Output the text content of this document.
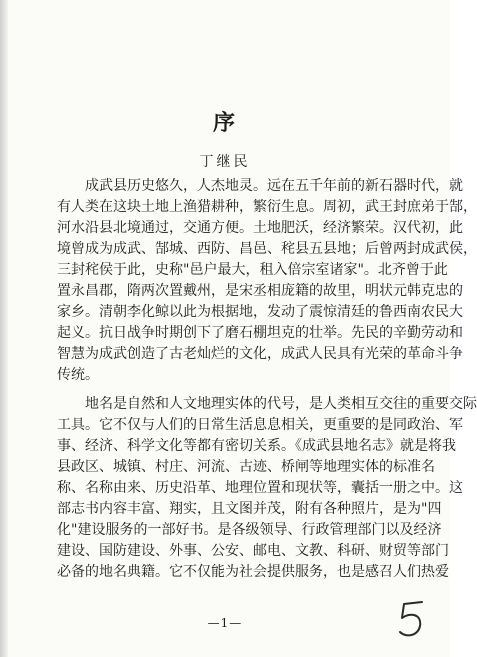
序
丁继民
　　成武县历史悠久，人杰地灵。远在五千年前的新石器时代，就
有人类在这块土地上渔猎耕种，繁衍生息。周初，武王封庶弟于郜，
河水沿县北境通过，交通方便。土地肥沃，经济繁荣。汉代初，此
境曾成为成武、郜城、西防、昌邑、秺县五县地；后曾两封成武侯，
三封秺侯于此，史称"邑户最大，租入倍宗室诸家"。北齐曾于此
置永昌郡，隋两次置戴州，是宋丞相庞籍的故里，明状元韩克忠的
家乡。清朝李化鲸以此为根据地，发动了震惊清廷的鲁西南农民大
起义。抗日战争时期创下了磨石棚坦克的壮举。先民的辛勤劳动和
智慧为成武创造了古老灿烂的文化，成武人民具有光荣的革命斗争
传统。
　　地名是自然和人文地理实体的代号，是人类相互交往的重要交际
工具。它不仅与人们的日常生活息息相关，更重要的是同政治、军
事、经济、科学文化等都有密切关系。《成武县地名志》就是将我
县政区、城镇、村庄、河流、古迹、桥闸等地理实体的标准名
称、名称由来、历史沿革、地理位置和现状等，囊括一册之中。这
部志书内容丰富、翔实，且文图并茂，附有各种照片，是为"四
化"建设服务的一部好书。是各级领导、行政管理部门以及经济
建设、国防建设、外事、公安、邮电、文教、科研、财贸等部门
必备的地名典籍。它不仅能为社会提供服务，也是感召人们热爱
—1—
